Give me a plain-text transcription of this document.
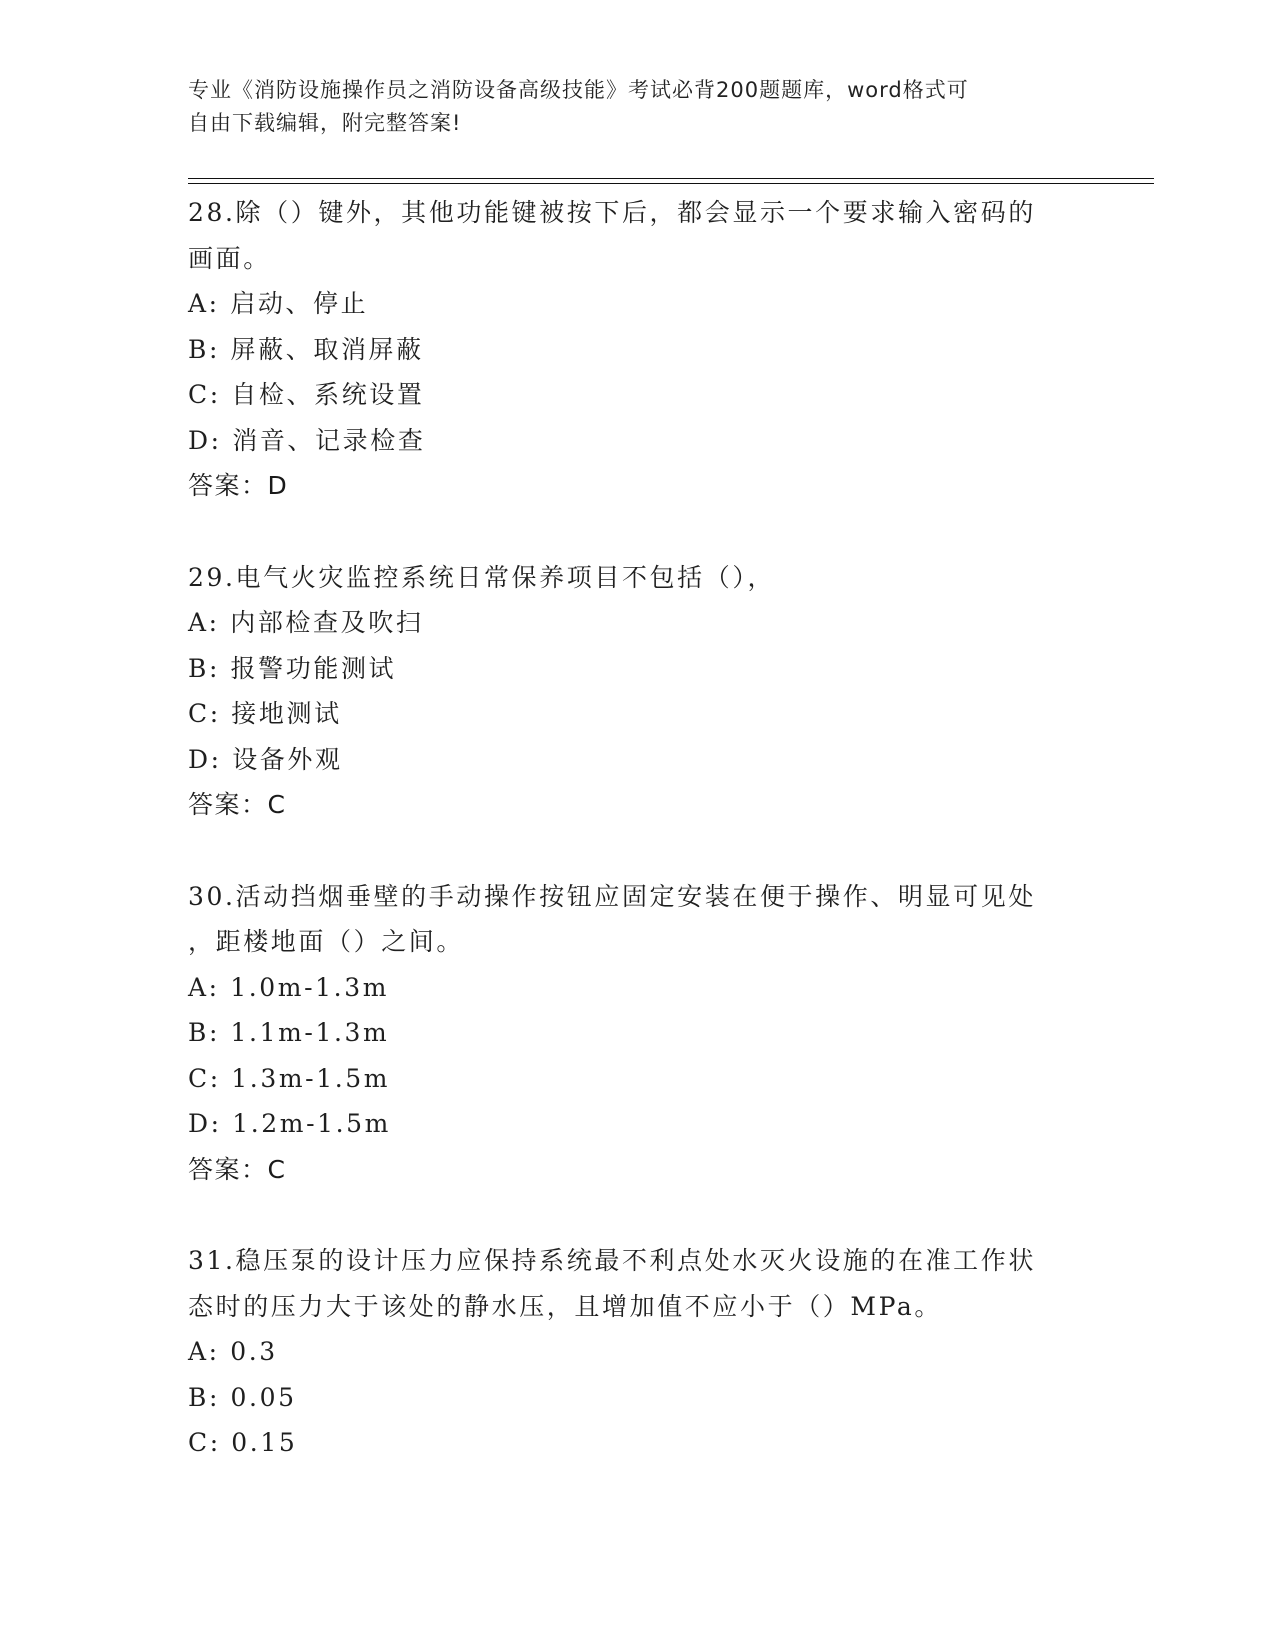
专业《消防设施操作员之消防设备高级技能》考试必背200题题库，word格式可
自由下载编辑，附完整答案!
28.除（）键外，其他功能键被按下后，都会显示一个要求输入密码的
画面。
A: 启动、停止
B: 屏蔽、取消屏蔽
C: 自检、系统设置
D: 消音、记录检查
答案：D
29.电气火灾监控系统日常保养项目不包括（），
A: 内部检查及吹扫
B: 报警功能测试
C: 接地测试
D: 设备外观
答案：C
30.活动挡烟垂壁的手动操作按钮应固定安装在便于操作、明显可见处
，距楼地面（）之间。
A: 1.0m-1.3m
B: 1.1m-1.3m
C: 1.3m-1.5m
D: 1.2m-1.5m
答案：C
31.稳压泵的设计压力应保持系统最不利点处水灭火设施的在准工作状
态时的压力大于该处的静水压，且增加值不应小于（）MPa。
A: 0.3
B: 0.05
C: 0.15
